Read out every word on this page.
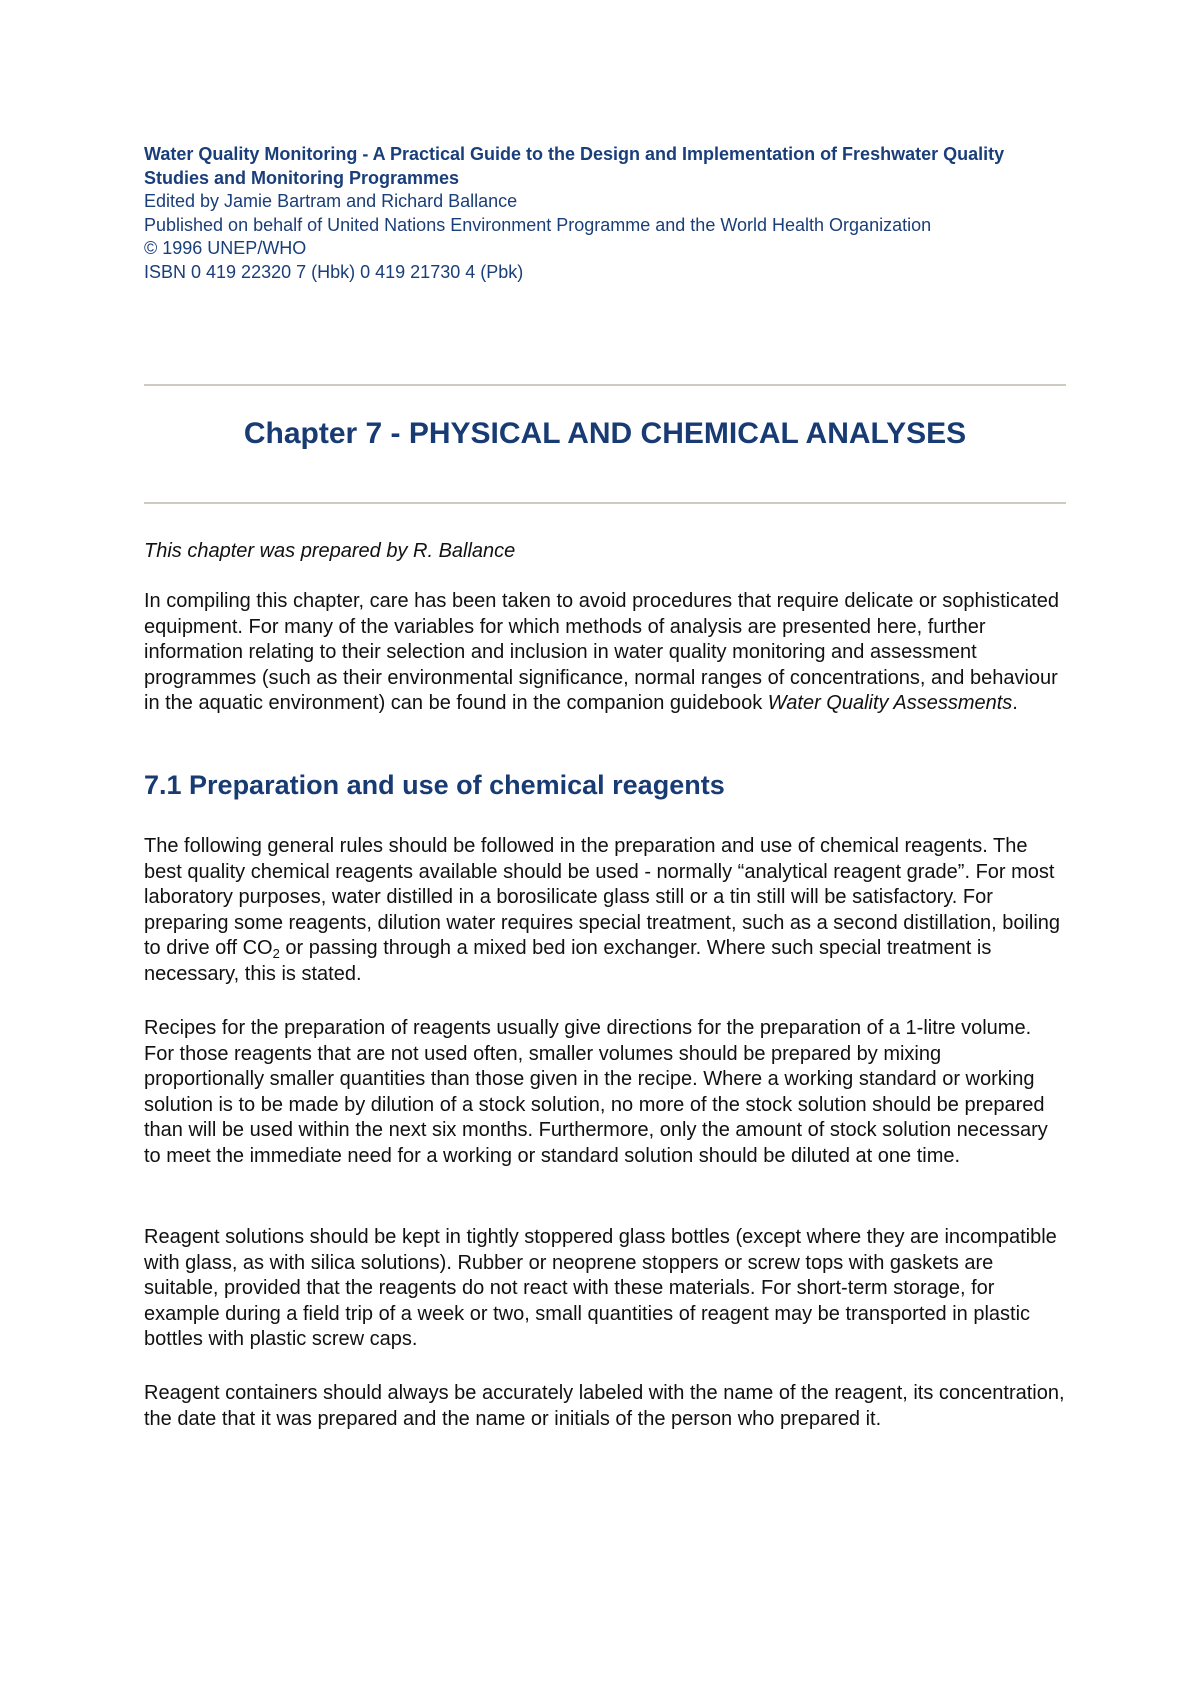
Water Quality Monitoring - A Practical Guide to the Design and Implementation of Freshwater Quality Studies and Monitoring Programmes

Edited by Jamie Bartram and Richard Ballance

Published on behalf of United Nations Environment Programme and the World Health Organization

© 1996 UNEP/WHO

ISBN 0 419 22320 7 (Hbk) 0 419 21730 4 (Pbk)

Chapter 7 - PHYSICAL AND CHEMICAL ANALYSES

This chapter was prepared by R. Ballance

In compiling this chapter, care has been taken to avoid procedures that require delicate or sophisticated equipment. For many of the variables for which methods of analysis are presented here, further information relating to their selection and inclusion in water quality monitoring and assessment programmes (such as their environmental significance, normal ranges of concentrations, and behaviour in the aquatic environment) can be found in the companion guidebook Water Quality Assessments.

7.1 Preparation and use of chemical reagents

The following general rules should be followed in the preparation and use of chemical reagents. The best quality chemical reagents available should be used - normally “analytical reagent grade”. For most laboratory purposes, water distilled in a borosilicate glass still or a tin still will be satisfactory. For preparing some reagents, dilution water requires special treatment, such as a second distillation, boiling to drive off $CO_2$ or passing through a mixed bed ion exchanger. Where such special treatment is necessary, this is stated.

Recipes for the preparation of reagents usually give directions for the preparation of a 1-litre volume. For those reagents that are not used often, smaller volumes should be prepared by mixing proportionally smaller quantities than those given in the recipe. Where a working standard or working solution is to be made by dilution of a stock solution, no more of the stock solution should be prepared than will be used within the next six months. Furthermore, only the amount of stock solution necessary to meet the immediate need for a working or standard solution should be diluted at one time.

Reagent solutions should be kept in tightly stoppered glass bottles (except where they are incompatible with glass, as with silica solutions). Rubber or neoprene stoppers or screw tops with gaskets are suitable, provided that the reagents do not react with these materials. For short-term storage, for example during a field trip of a week or two, small quantities of reagent may be transported in plastic bottles with plastic screw caps.

Reagent containers should always be accurately labeled with the name of the reagent, its concentration, the date that it was prepared and the name or initials of the person who prepared it.
